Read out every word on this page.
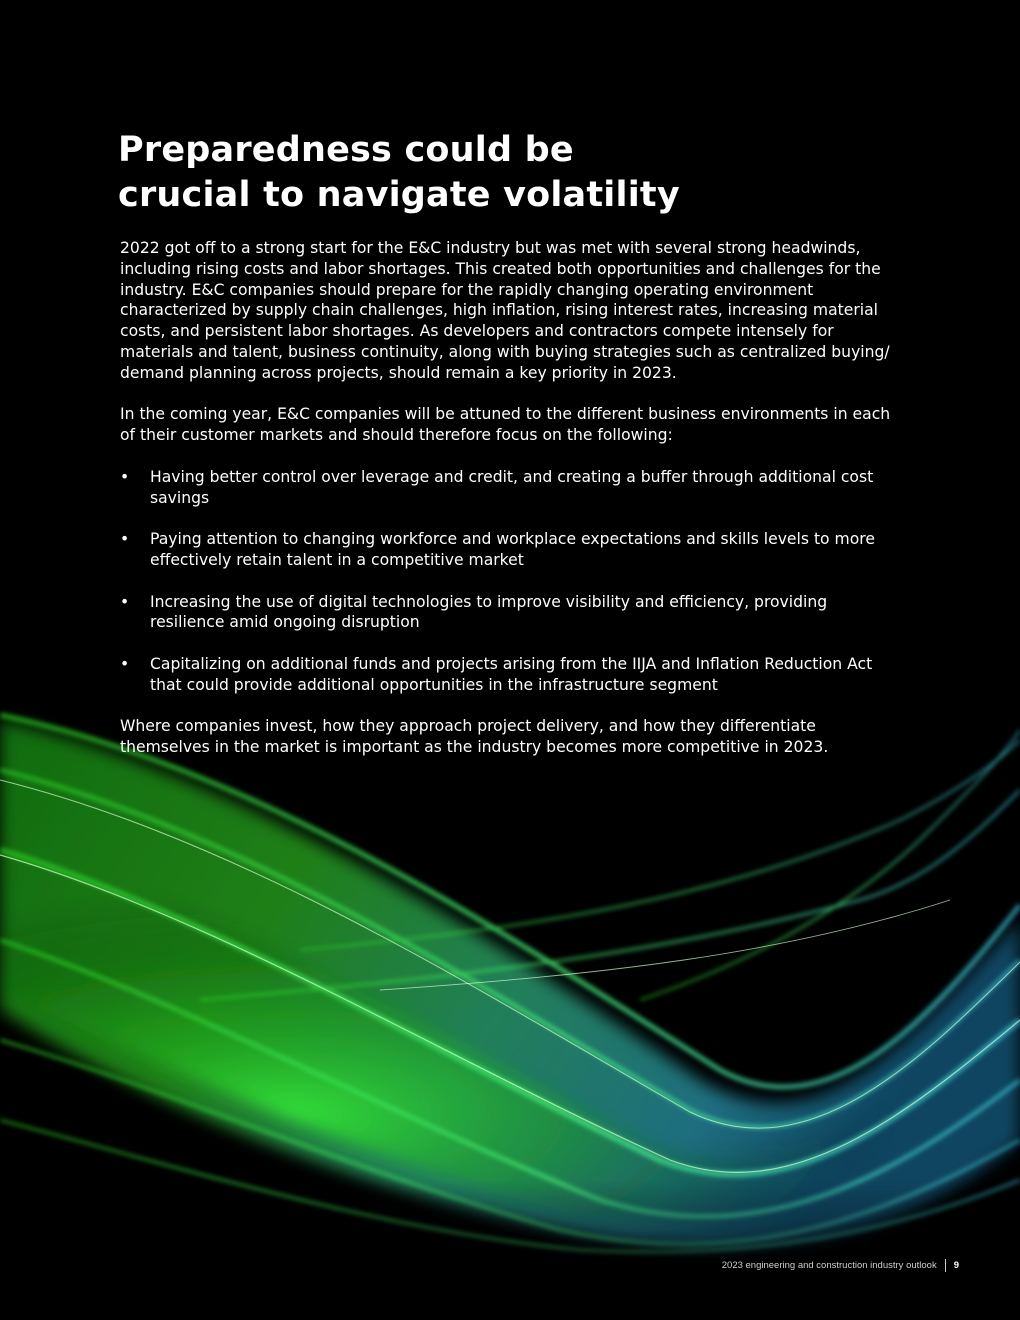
Preparedness could be
crucial to navigate volatility

2022 got off to a strong start for the E&C industry but was met with several strong headwinds, including rising costs and labor shortages. This created both opportunities and challenges for the industry. E&C companies should prepare for the rapidly changing operating environment characterized by supply chain challenges, high inflation, rising interest rates, increasing material costs, and persistent labor shortages. As developers and contractors compete intensely for materials and talent, business continuity, along with buying strategies such as centralized buying/ demand planning across projects, should remain a key priority in 2023.

In the coming year, E&C companies will be attuned to the different business environments in each of their customer markets and should therefore focus on the following:

• Having better control over leverage and credit, and creating a buffer through additional cost savings
• Paying attention to changing workforce and workplace expectations and skills levels to more effectively retain talent in a competitive market
• Increasing the use of digital technologies to improve visibility and efficiency, providing resilience amid ongoing disruption
• Capitalizing on additional funds and projects arising from the IIJA and Inflation Reduction Act that could provide additional opportunities in the infrastructure segment

Where companies invest, how they approach project delivery, and how they differentiate themselves in the market is important as the industry becomes more competitive in 2023.

2023 engineering and construction industry outlook 9
